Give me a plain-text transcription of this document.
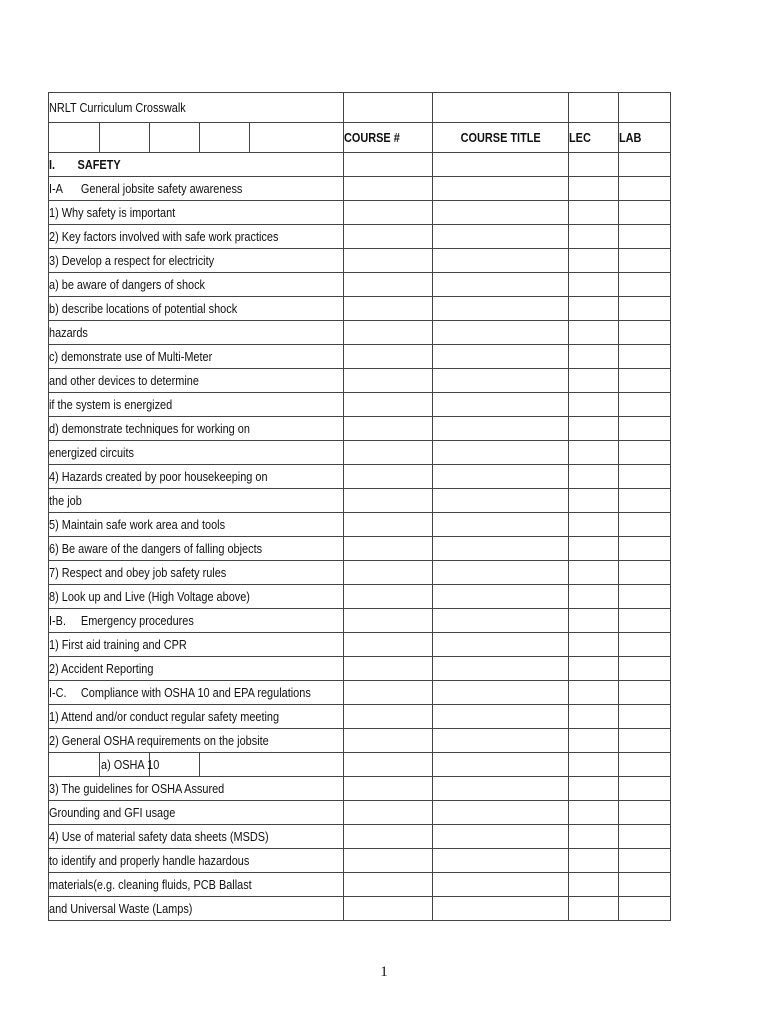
NRLT Curriculum Crosswalk								
					COURSE #	COURSE TITLE	LEC	LAB
I. SAFETY								
I-A General jobsite safety awareness								
1) Why safety is important								
2) Key factors involved with safe work practices								
3) Develop a respect for electricity								
a) be aware of dangers of shock								
b) describe locations of potential shock								
hazards								
c) demonstrate use of Multi-Meter								
and other devices to determine								
if the system is energized								
d) demonstrate techniques for working on								
energized circuits								
4) Hazards created by poor housekeeping on								
the job								
5) Maintain safe work area and tools								
6) Be aware of the dangers of falling objects								
7) Respect and obey job safety rules								
8) Look up and Live (High Voltage above)								
I-B. Emergency procedures								
1) First aid training and CPR								
2) Accident Reporting								
I-C. Compliance with OSHA 10 and EPA regulations								
1) Attend and/or conduct regular safety meeting								
2) General OSHA requirements on the jobsite								
	a) OSHA 10							
3) The guidelines for OSHA Assured								
Grounding and GFI usage								
4) Use of material safety data sheets (MSDS)								
to identify and properly handle hazardous								
materials(e.g. cleaning fluids, PCB Ballast								
and Universal Waste (Lamps)								
1
